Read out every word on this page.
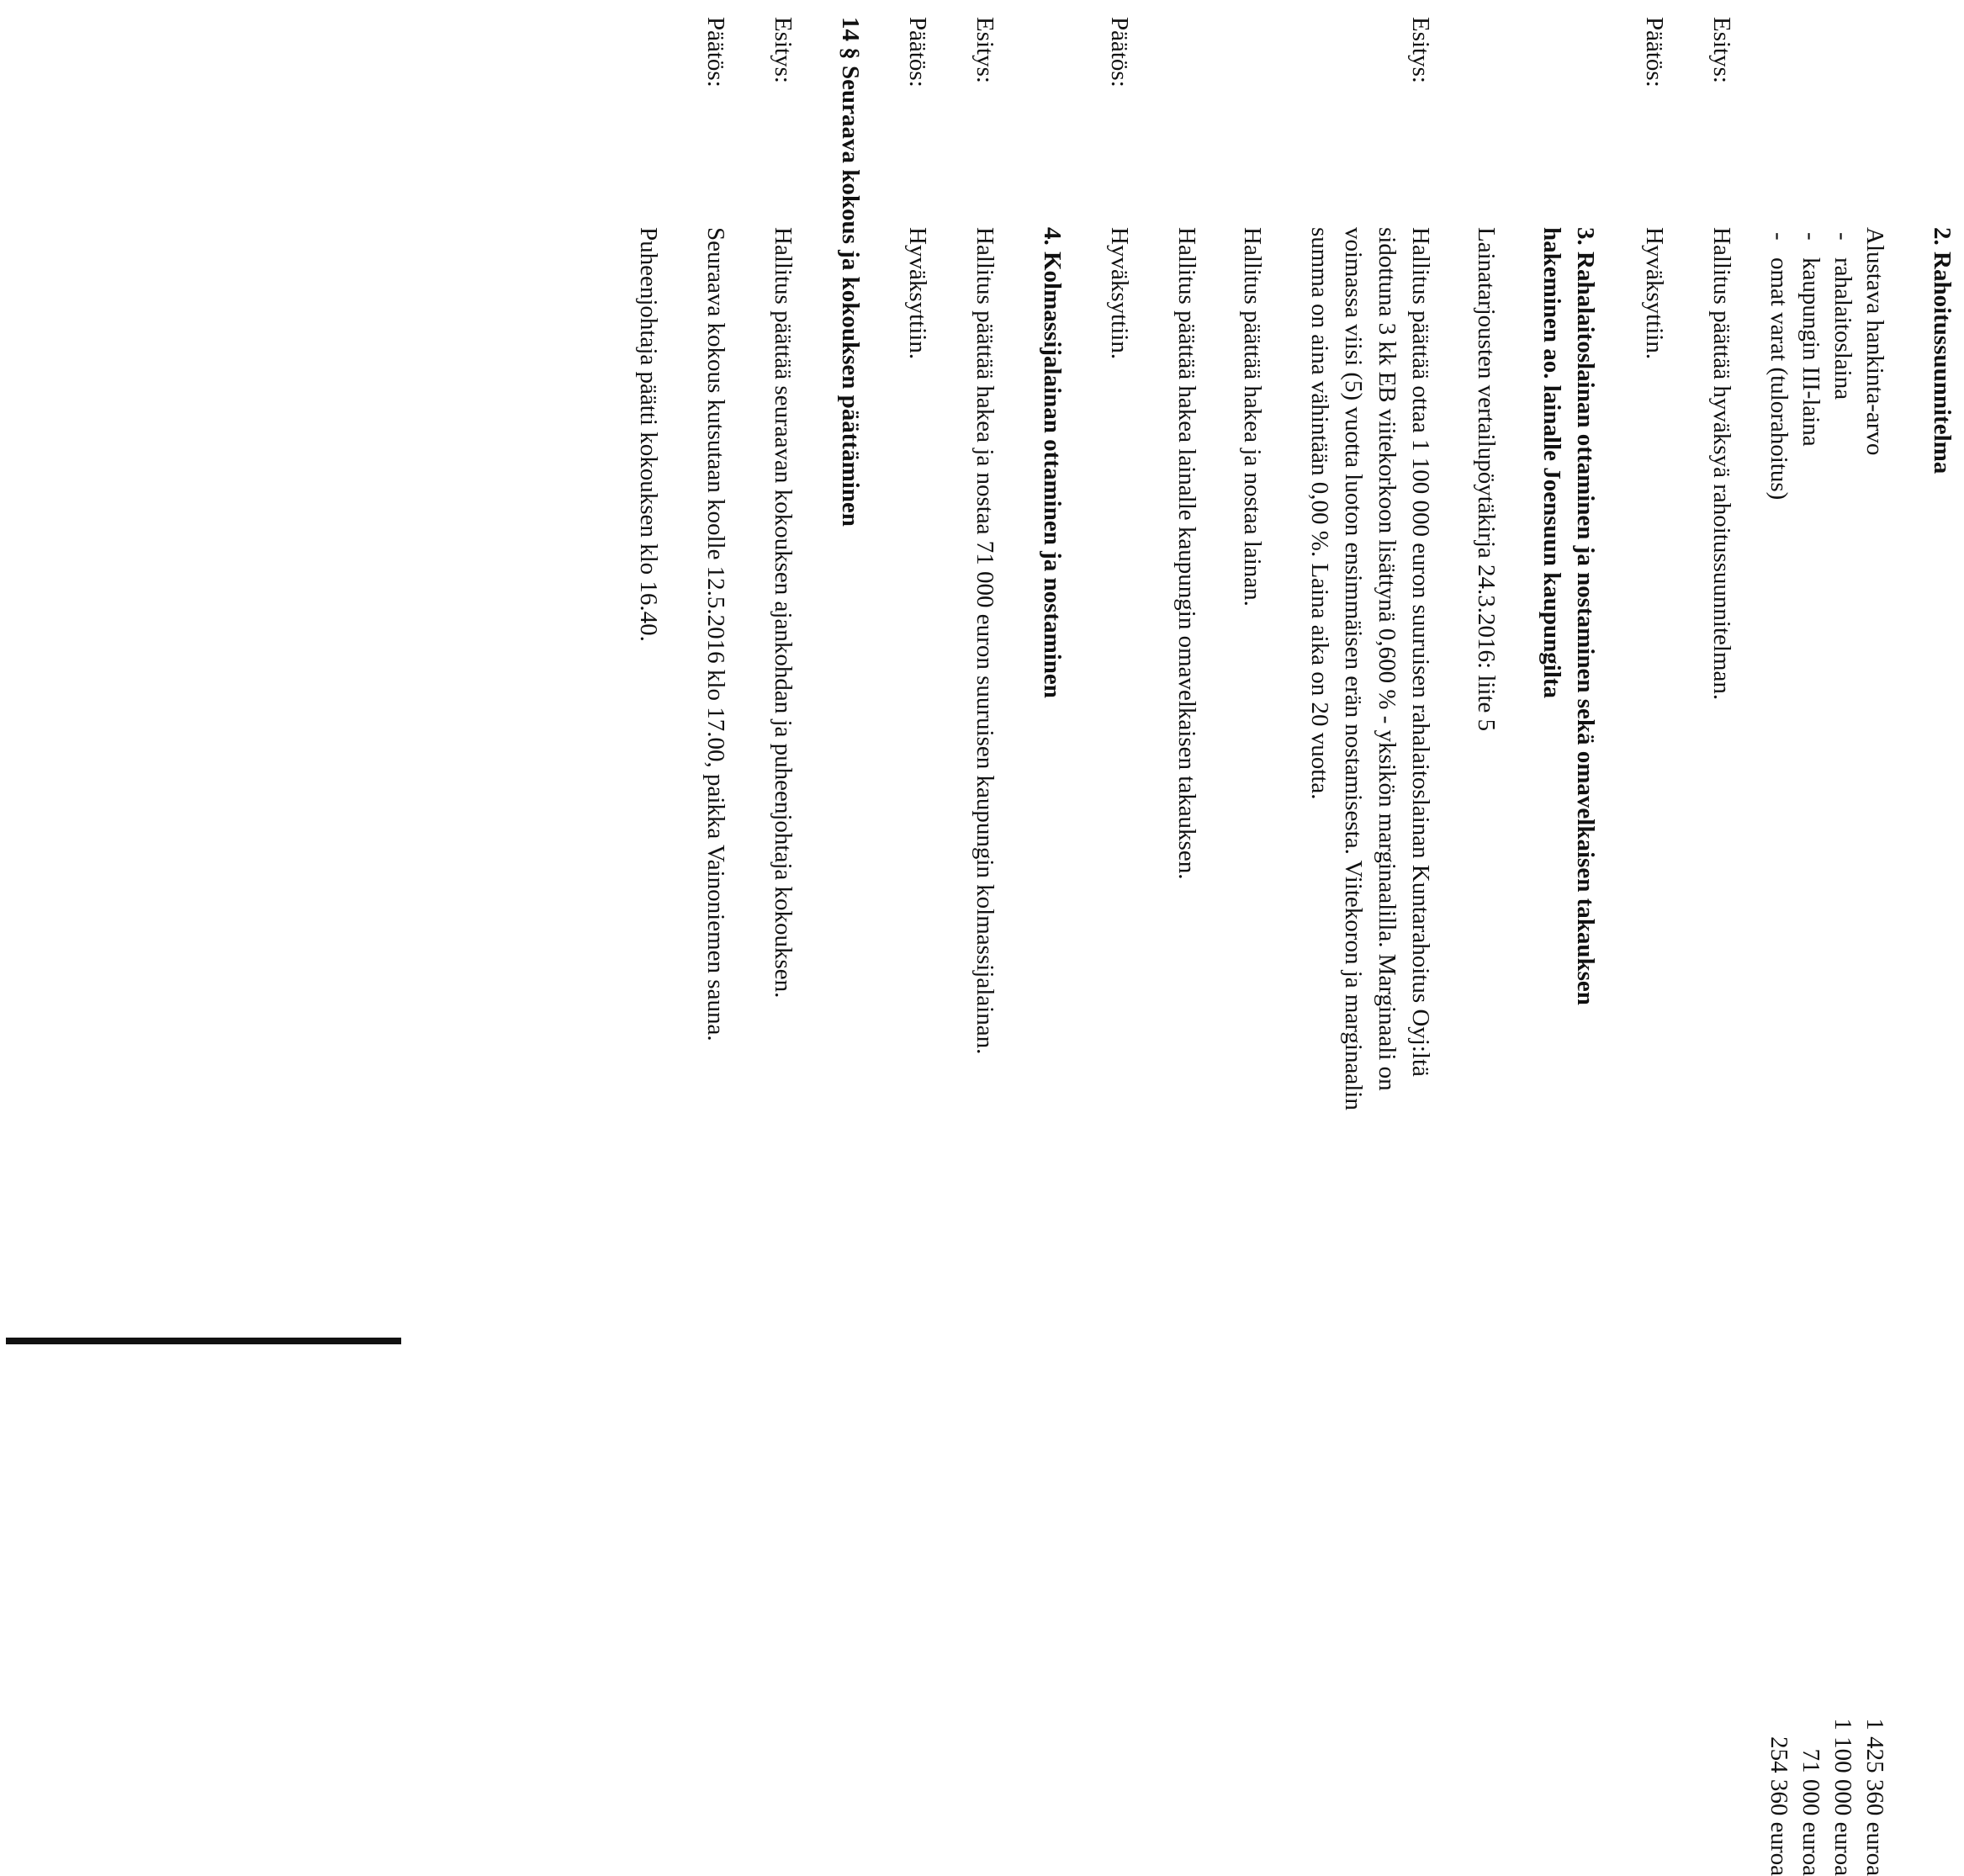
2. Rahoitussuunnitelma
Alustava hankinta-arvo
1 425 360 euroa
-
rahalaitoslaina
1 100 000 euroa
-
kaupungin III-laina
71 000 euroa
-
omat varat (tulorahoitus)
254 360 euroa
Esitys:
Hallitus päättää hyväksyä rahoitussuunnitelman.
Päätös:
Hyväksyttiin.
3. Rahalaitoslainan ottaminen ja nostaminen sekä omavelkaisen takauksen
hakeminen ao. lainalle Joensuun kaupungilta
Lainatarjousten vertailupöytäkirja 24.3.2016: liite 5
Esitys:
Hallitus päättää ottaa 1 100 000 euron suuruisen rahalaitoslainan Kuntarahoitus Oyj:ltä
sidottuna 3 kk EB viitekorkoon lisättynä 0,600 % - yksikön marginaalilla. Marginaali on
voimassa viisi (5) vuotta luoton ensimmäisen erän nostamisesta. Viitekoron ja marginaalin
summa on aina vähintään 0,00 %. Laina aika on 20 vuotta.
Hallitus päättää hakea ja nostaa lainan.
Hallitus päättää hakea lainalle kaupungin omavelkaisen takauksen.
Päätös:
Hyväksyttiin.
4. Kolmassijalainan ottaminen ja nostaminen
Esitys:
Hallitus päättää hakea ja nostaa 71 000 euron suuruisen kaupungin kolmassijalainan.
Päätös:
Hyväksyttiin.
14 § Seuraava kokous ja kokouksen päättäminen
Esitys:
Hallitus päättää seuraavan kokouksen ajankohdan ja puheenjohtaja kokouksen.
Päätös:
Seuraava kokous kutsutaan koolle 12.5.2016 klo 17.00, paikka Vainoniemen sauna.
Puheenjohtaja päätti kokouksen klo 16.40.
